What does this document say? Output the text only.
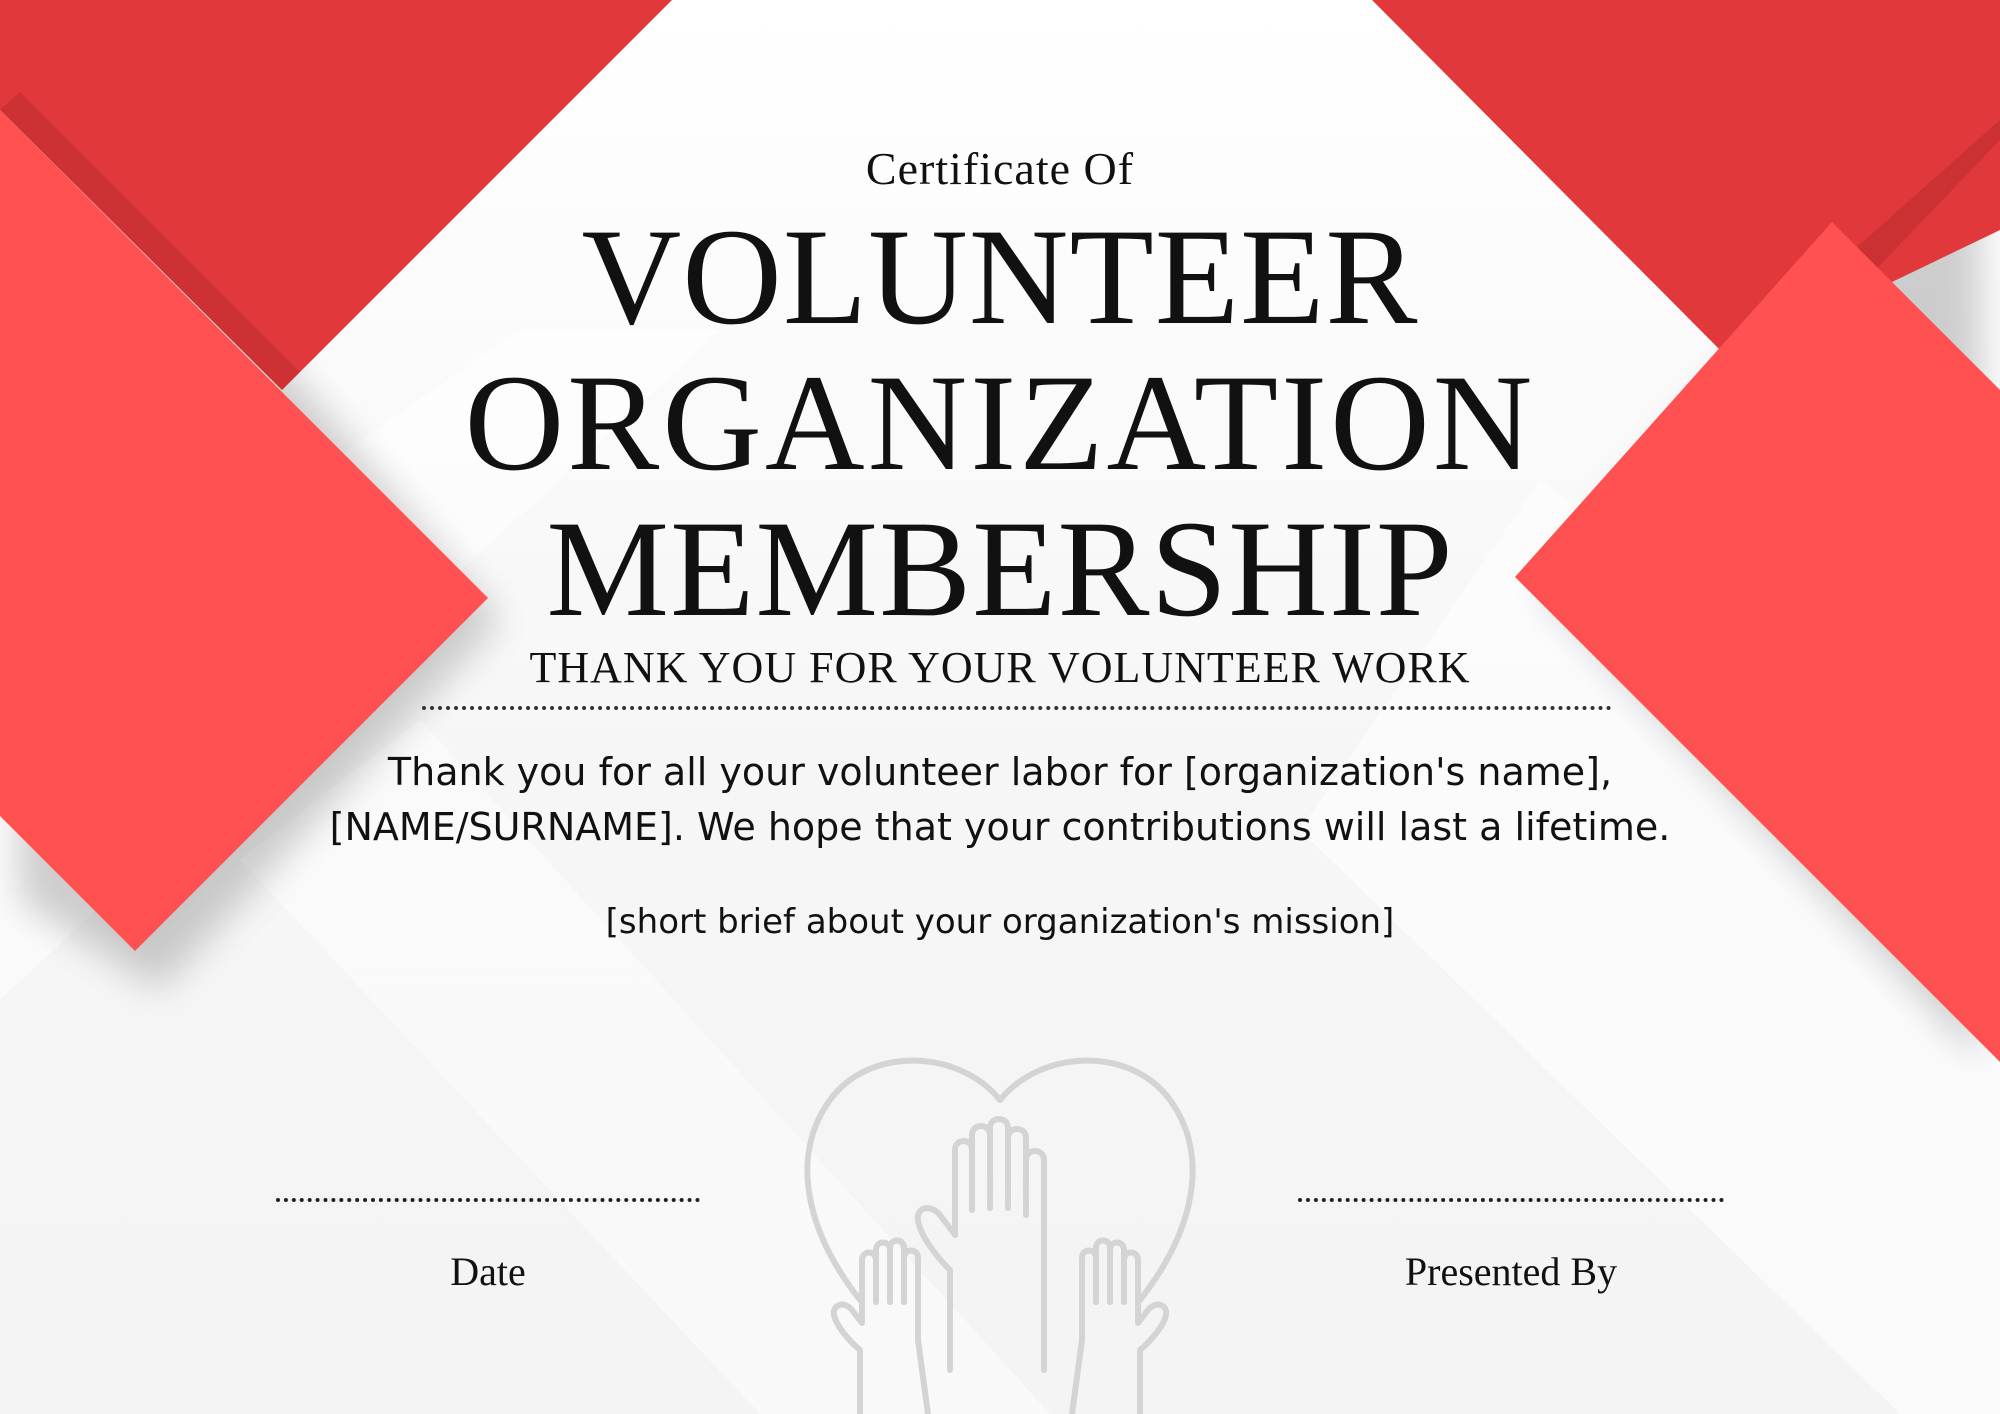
Certificate Of
VOLUNTEER
ORGANIZATION
MEMBERSHIP
THANK YOU FOR YOUR VOLUNTEER WORK
Thank you for all your volunteer labor for [organization's name],
[NAME/SURNAME]. We hope that your contributions will last a lifetime.
[short brief about your organization's mission]
Date	Presented By
